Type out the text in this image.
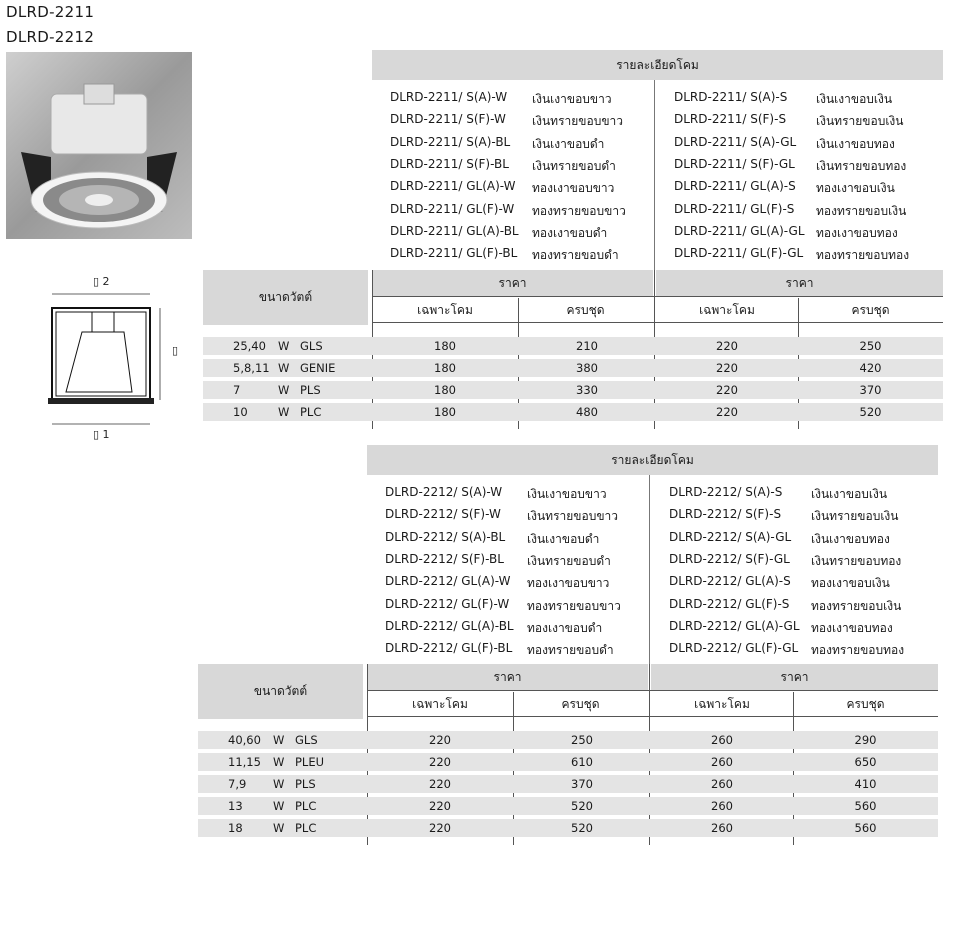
DLRD-2211
DLRD-2212
▯ 2
▯ 1
▯
รายละเอียดโคม
DLRD-2211/ S(A)-W เงินเงาขอบขาว
DLRD-2211/ S(F)-W เงินทรายขอบขาว
DLRD-2211/ S(A)-BL เงินเงาขอบดำ
DLRD-2211/ S(F)-BL เงินทรายขอบดำ
DLRD-2211/ GL(A)-W ทองเงาขอบขาว
DLRD-2211/ GL(F)-W ทองทรายขอบขาว
DLRD-2211/ GL(A)-BL ทองเงาขอบดำ
DLRD-2211/ GL(F)-BL ทองทรายขอบดำ
DLRD-2211/ S(A)-S เงินเงาขอบเงิน
DLRD-2211/ S(F)-S เงินทรายขอบเงิน
DLRD-2211/ S(A)-GL เงินเงาขอบทอง
DLRD-2211/ S(F)-GL เงินทรายขอบทอง
DLRD-2211/ GL(A)-S ทองเงาขอบเงิน
DLRD-2211/ GL(F)-S ทองทรายขอบเงิน
DLRD-2211/ GL(A)-GL ทองเงาขอบทอง
DLRD-2211/ GL(F)-GL ทองทรายขอบทอง
ขนาดวัตต์
ราคา	ราคา
เฉพาะโคม	ครบชุด	เฉพาะโคม	ครบชุด
25,40 W GLS	180	210	220	250
5,8,11 W GENIE	180	380	220	420
7	W PLS	180	330	220	370
10	W PLC	180	480	220	520
รายละเอียดโคม
DLRD-2212/ S(A)-W เงินเงาขอบขาว
DLRD-2212/ S(F)-W เงินทรายขอบขาว
DLRD-2212/ S(A)-BL เงินเงาขอบดำ
DLRD-2212/ S(F)-BL เงินทรายขอบดำ
DLRD-2212/ GL(A)-W ทองเงาขอบขาว
DLRD-2212/ GL(F)-W ทองทรายขอบขาว
DLRD-2212/ GL(A)-BL ทองเงาขอบดำ
DLRD-2212/ GL(F)-BL ทองทรายขอบดำ
DLRD-2212/ S(A)-S เงินเงาขอบเงิน
DLRD-2212/ S(F)-S เงินทรายขอบเงิน
DLRD-2212/ S(A)-GL เงินเงาขอบทอง
DLRD-2212/ S(F)-GL เงินทรายขอบทอง
DLRD-2212/ GL(A)-S ทองเงาขอบเงิน
DLRD-2212/ GL(F)-S ทองทรายขอบเงิน
DLRD-2212/ GL(A)-GL ทองเงาขอบทอง
DLRD-2212/ GL(F)-GL ทองทรายขอบทอง
ขนาดวัตต์
ราคา	ราคา
เฉพาะโคม	ครบชุด	เฉพาะโคม	ครบชุด
40,60 W GLS	220	250	260	290
11,15 W PLEU	220	610	260	650
7,9 W PLS	220	370	260	410
13	W PLC	220	520	260	560
18	W PLC	220	520	260	560
